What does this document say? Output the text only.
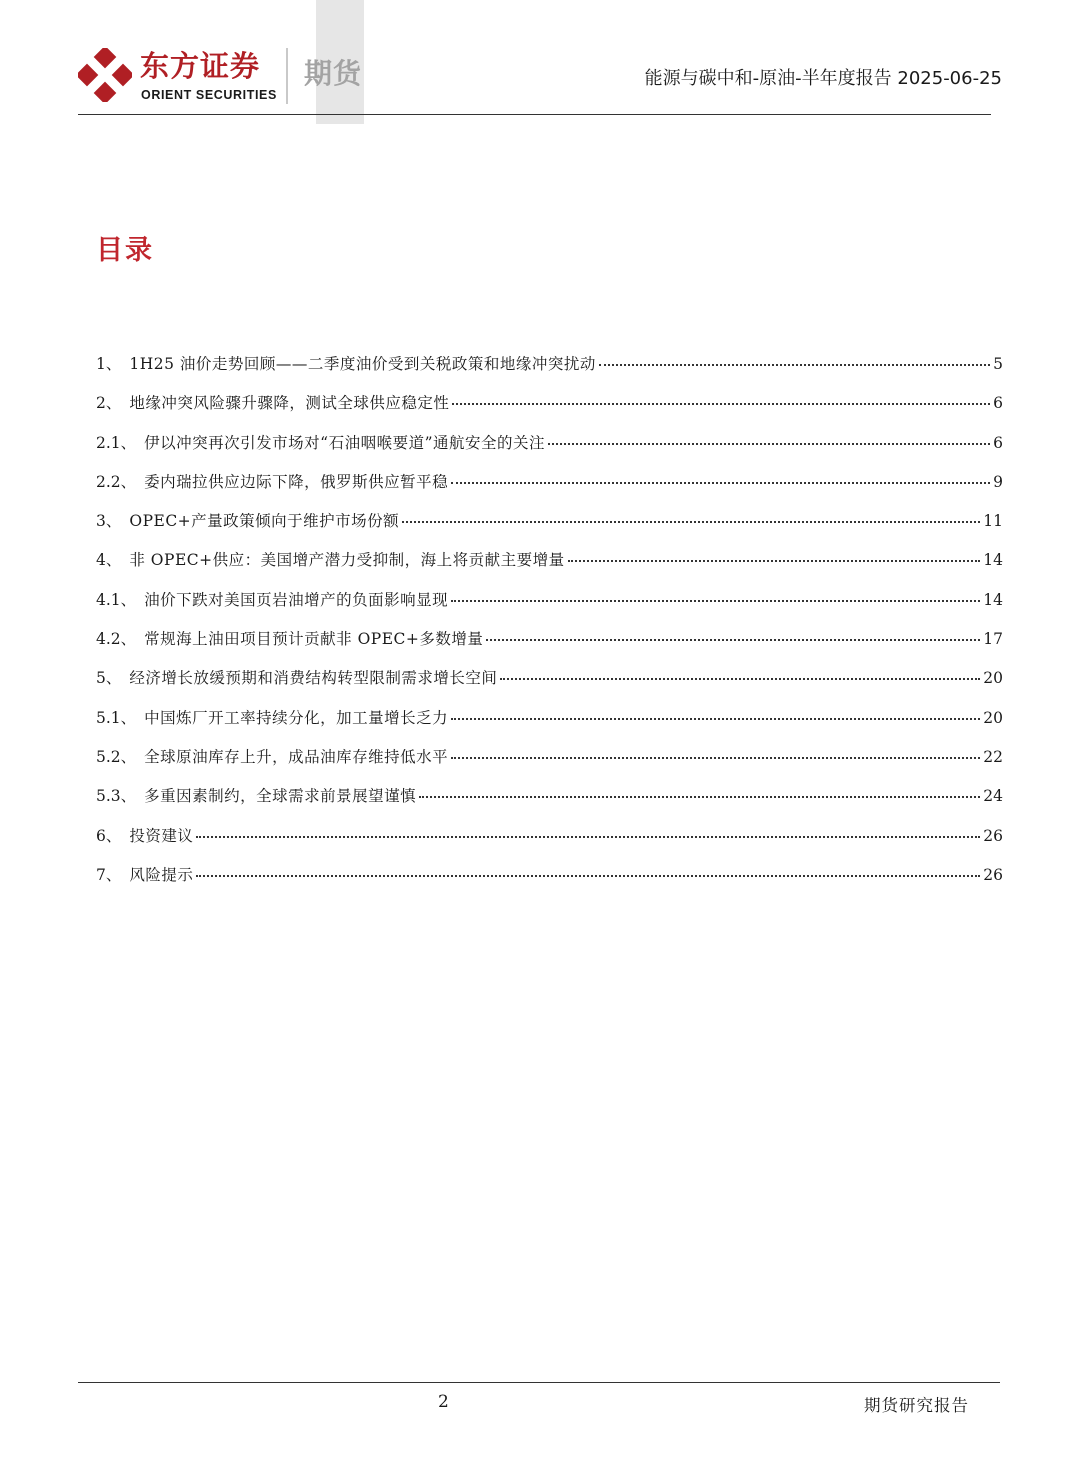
东方证券
ORIENT SECURITIES
期货	能源与碳中和-原油-半年度报告 2025-06-25
目录
1、 1H25 油价走势回顾——二季度油价受到关税政策和地缘冲突扰动	5
2、 地缘冲突风险骤升骤降，测试全球供应稳定性	6
2.1、 伊以冲突再次引发市场对“石油咽喉要道”通航安全的关注	6
2.2、 委内瑞拉供应边际下降，俄罗斯供应暂平稳	9
3、 OPEC+产量政策倾向于维护市场份额	11
4、 非 OPEC+供应：美国增产潜力受抑制，海上将贡献主要增量	14
4.1、 油价下跌对美国页岩油增产的负面影响显现	14
4.2、 常规海上油田项目预计贡献非 OPEC+多数增量	17
5、 经济增长放缓预期和消费结构转型限制需求增长空间	20
5.1、 中国炼厂开工率持续分化，加工量增长乏力	20
5.2、 全球原油库存上升，成品油库存维持低水平	22
5.3、 多重因素制约，全球需求前景展望谨慎	24
6、 投资建议	26
7、 风险提示	26
2	期货研究报告
